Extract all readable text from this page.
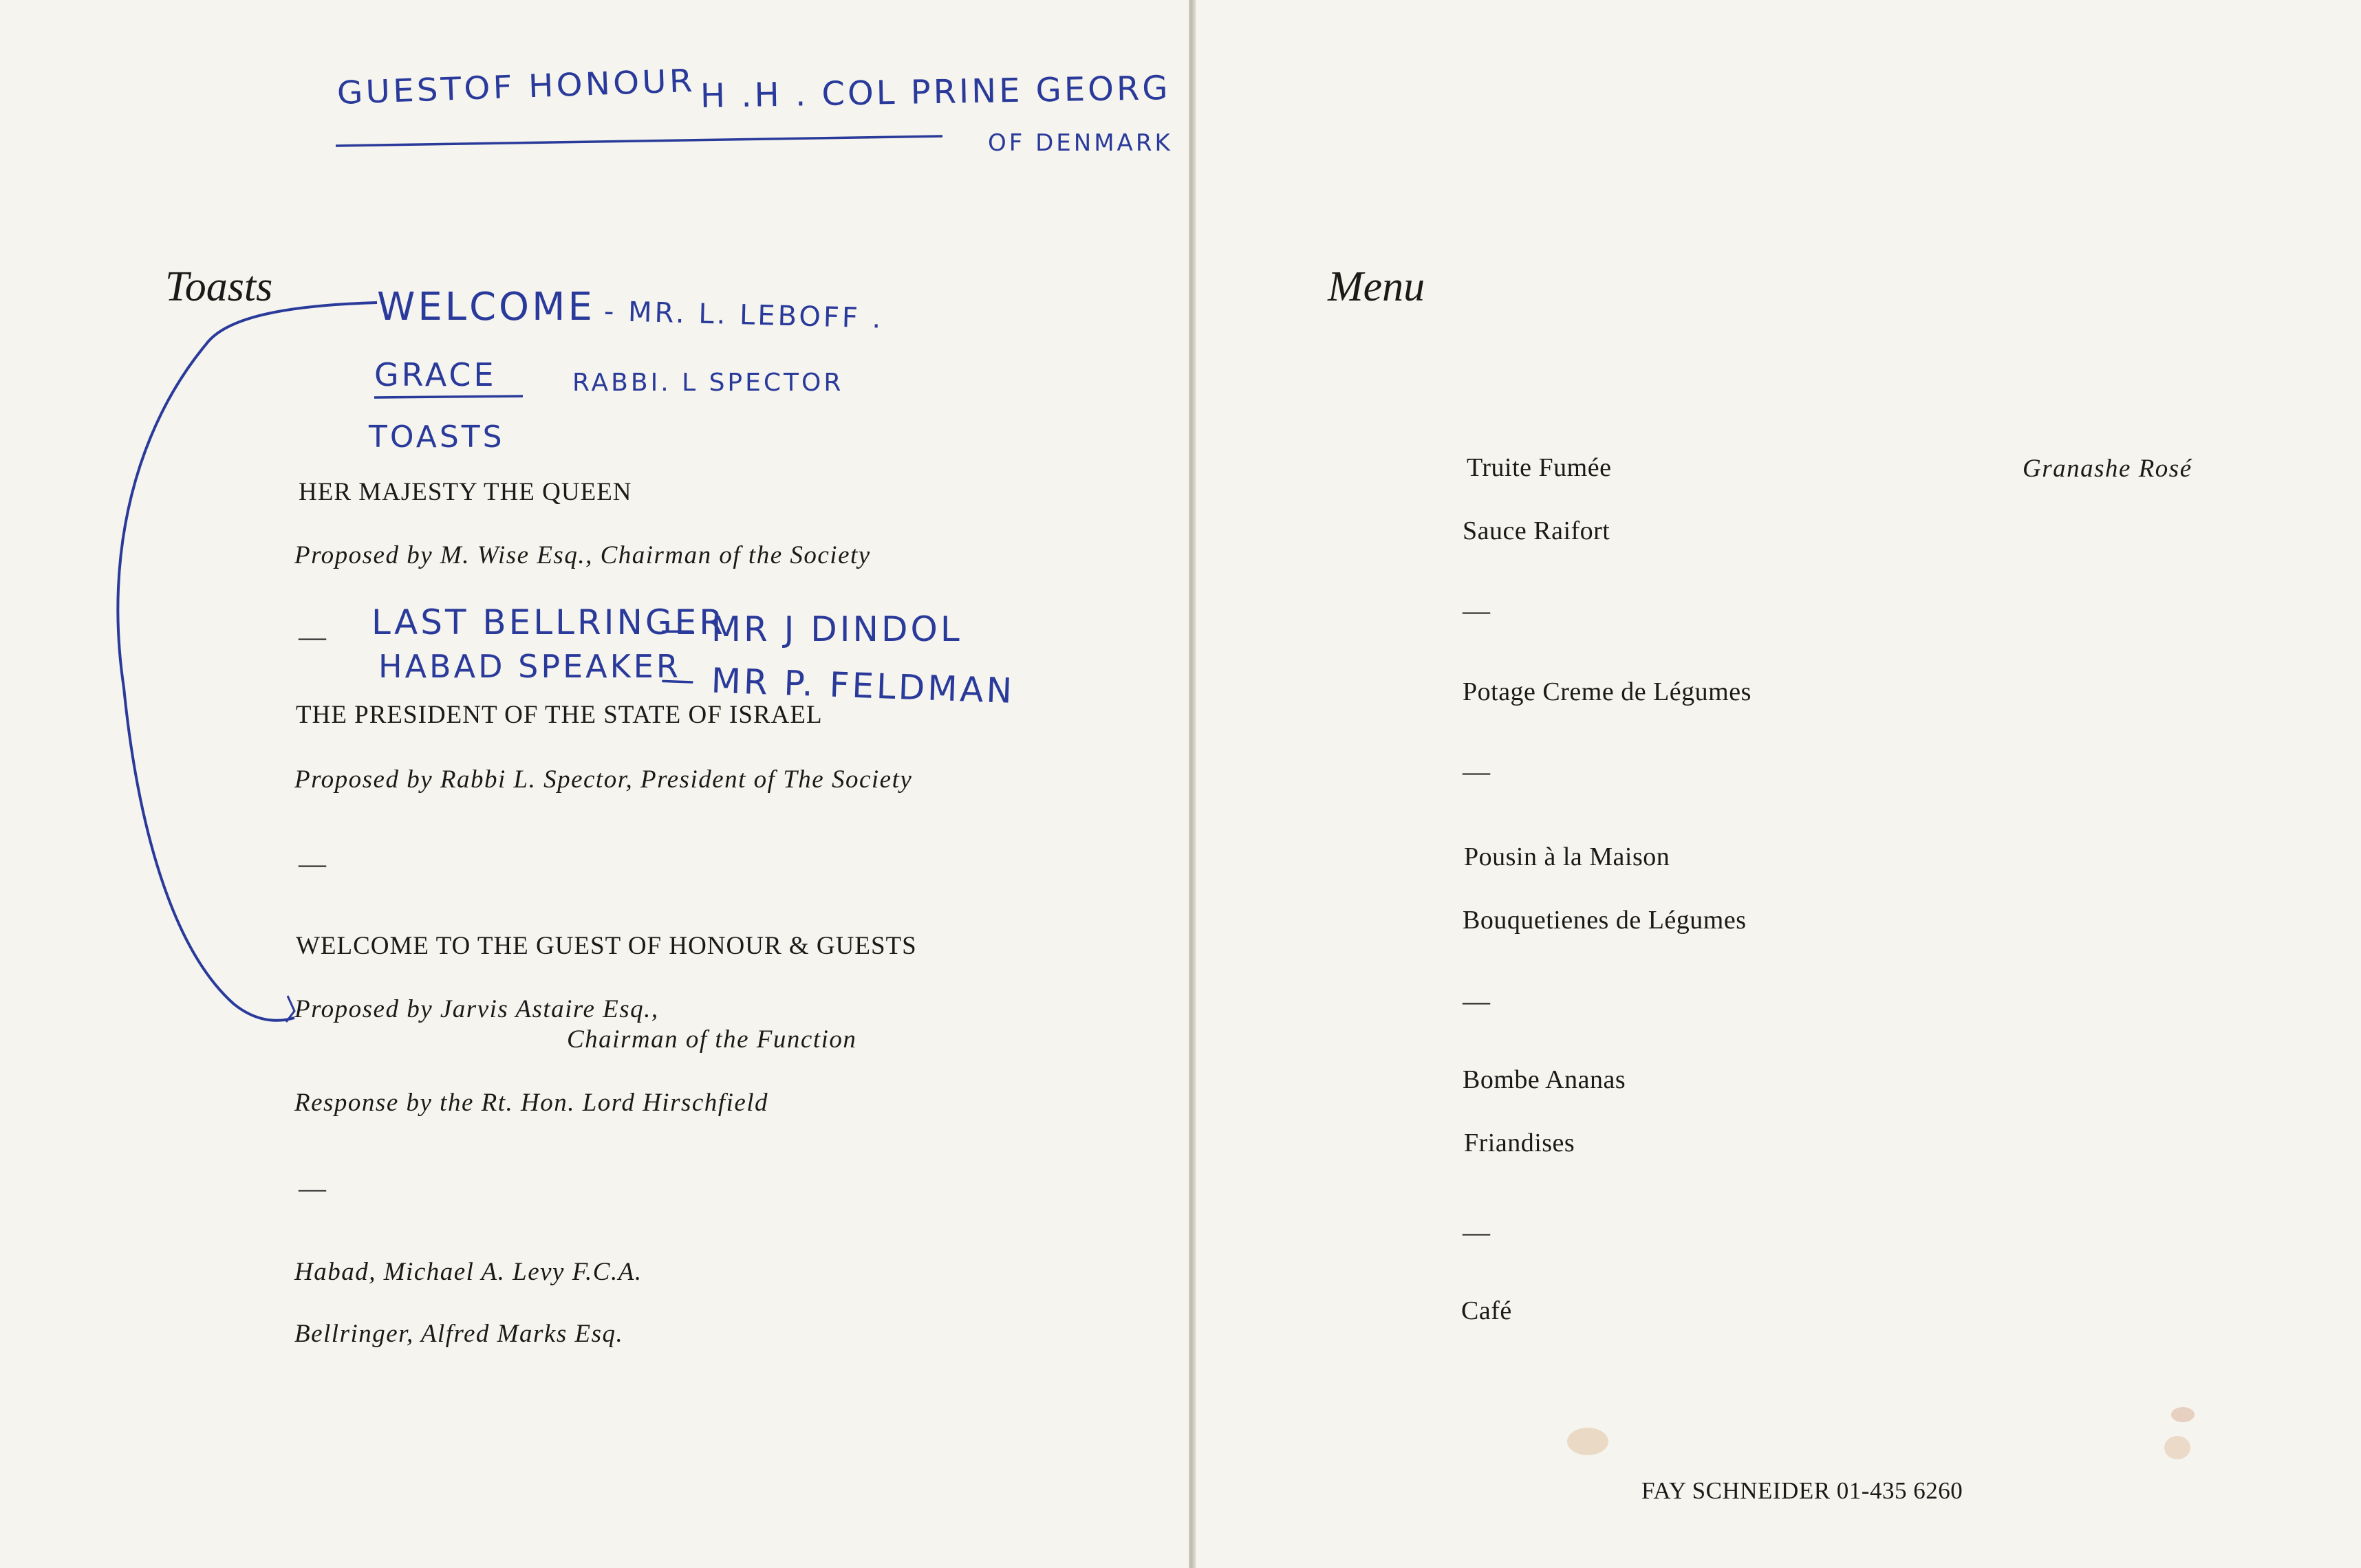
GUESTOF HONOUR H .H . COL PRINE GEORG
OF DENMARK
Toasts	WELCOME - MR. L. LEBOFF .
GRACE	RABBI. L SPECTOR
TOASTS
HER MAJESTY THE QUEEN
Proposed by M. Wise Esq., Chairman of the Society
— LAST BELLRINGER
— MR J DINDOL
HABAD SPEAKER
— MR P. FELDMAN
THE PRESIDENT OF THE STATE OF ISRAEL
Proposed by Rabbi L. Spector, President of The Society
—
WELCOME TO THE GUEST OF HONOUR & GUESTS
Proposed by Jarvis Astaire Esq.,
Chairman of the Function
Response by the Rt. Hon. Lord Hirschfield
—
Habad, Michael A. Levy F.C.A.
Bellringer, Alfred Marks Esq.
Menu
Granashe Rosé
Truite Fumée
Sauce Raifort
—
Potage Creme de Légumes
—
Pousin à la Maison
Bouquetienes de Légumes
—
Bombe Ananas
Friandises
—
Café
FAY SCHNEIDER 01-435 6260
